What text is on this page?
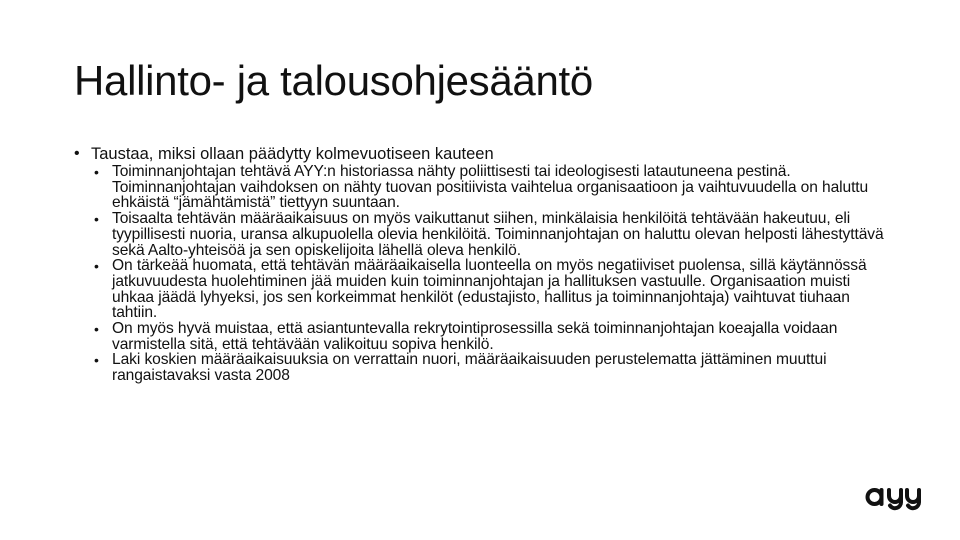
Hallinto- ja talousohjesääntö
• Taustaa, miksi ollaan päädytty kolmevuotiseen kauteen
• Toiminnanjohtajan tehtävä AYY:n historiassa nähty poliittisesti tai ideologisesti latautuneena pestinä. Toiminnanjohtajan vaihdoksen on nähty tuovan positiivista vaihtelua organisaatioon ja vaihtuvuudella on haluttu ehkäistä “jämähtämistä” tiettyyn suuntaan.
• Toisaalta tehtävän määräaikaisuus on myös vaikuttanut siihen, minkälaisia henkilöitä tehtävään hakeutuu, eli tyypillisesti nuoria, uransa alkupuolella olevia henkilöitä. Toiminnanjohtajan on haluttu olevan helposti lähestyttävä sekä Aalto-yhteisöä ja sen opiskelijoita lähellä oleva henkilö.
• On tärkeää huomata, että tehtävän määräaikaisella luonteella on myös negatiiviset puolensa, sillä käytännössä jatkuvuudesta huolehtiminen jää muiden kuin toiminnanjohtajan ja hallituksen vastuulle. Organisaation muisti uhkaa jäädä lyhyeksi, jos sen korkeimmat henkilöt (edustajisto, hallitus ja toiminnanjohtaja) vaihtuvat tiuhaan tahtiin.
• On myös hyvä muistaa, että asiantuntevalla rekrytointiprosessilla sekä toiminnanjohtajan koeajalla voidaan varmistella sitä, että tehtävään valikoituu sopiva henkilö.
• Laki koskien määräaikaisuuksia on verrattain nuori, määräaikaisuuden perustelematta jättäminen muuttui rangaistavaksi vasta 2008
